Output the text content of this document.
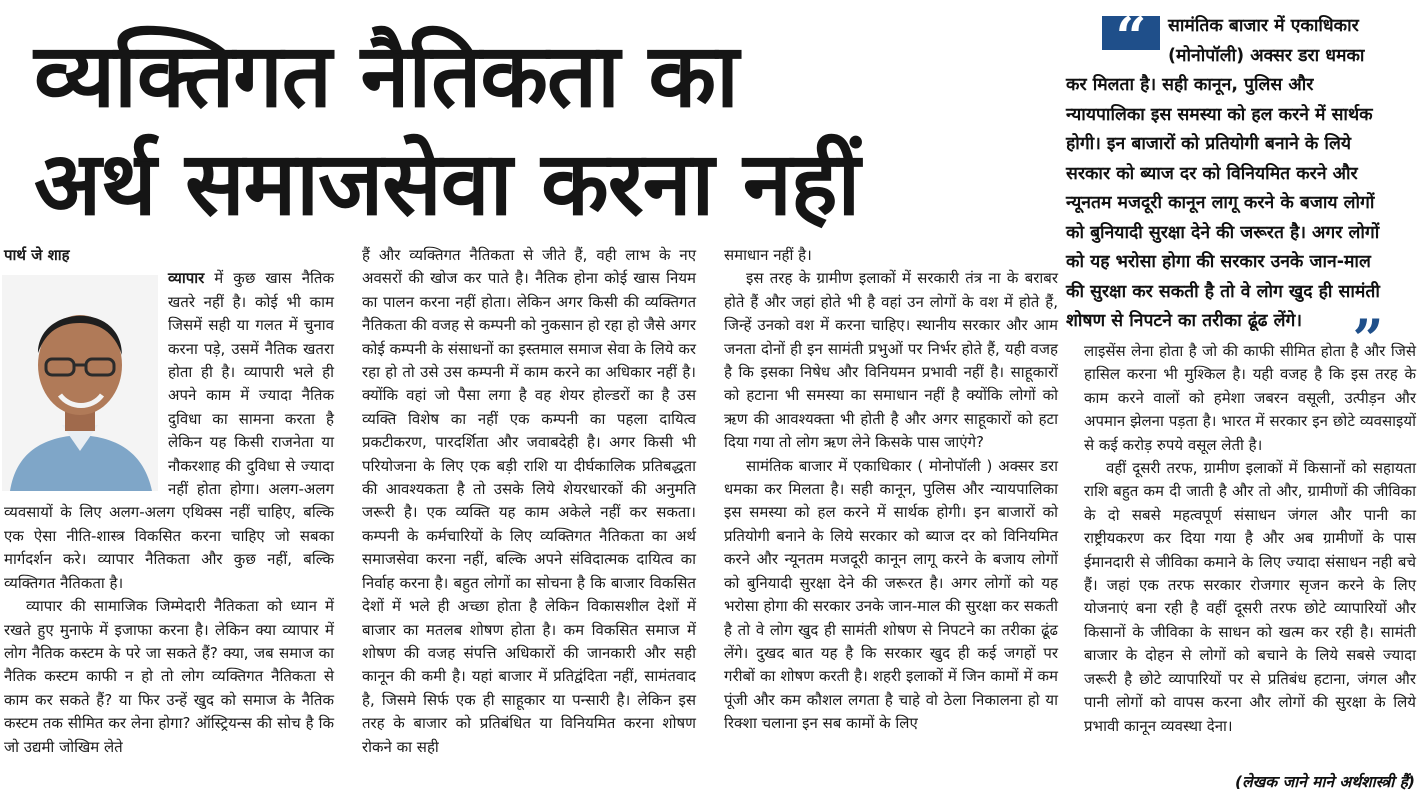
व्यक्तिगत नैतिकता का
अर्थ समाजसेवा करना नहीं

पार्थ जे शाह

व्यापार में कुछ खास नैतिक खतरे नहीं है। कोई भी काम जिसमें सही या गलत में चुनाव करना पड़े, उसमें नैतिक खतरा होता ही है। व्यापारी भले ही अपने काम में ज्यादा नैतिक दुविधा का सामना करता है लेकिन यह किसी राजनेता या नौकरशाह की दुविधा से ज्यादा नहीं होता होगा। अलग-अलग व्यवसायों के लिए अलग-अलग एथिक्स नहीं चाहिए, बल्कि एक ऐसा नीति-शास्त्र विकसित करना चाहिए जो सबका मार्गदर्शन करे। व्यापार नैतिकता और कुछ नहीं, बल्कि व्यक्तिगत नैतिकता है।

व्यापार की सामाजिक जिम्मेदारी नैतिकता को ध्यान में रखते हुए मुनाफे में इजाफा करना है। लेकिन क्या व्यापार में लोग नैतिक कस्टम के परे जा सकते हैं? क्या, जब समाज का नैतिक कस्टम काफी न हो तो लोग व्यक्तिगत नैतिकता से काम कर सकते हैं? या फिर उन्हें खुद को समाज के नैतिक कस्टम तक सीमित कर लेना होगा? ऑस्ट्रियन्स की सोच है कि जो उद्यमी जोखिम लेते

हैं और व्यक्तिगत नैतिकता से जीते हैं, वही लाभ के नए अवसरों की खोज कर पाते है। नैतिक होना कोई खास नियम का पालन करना नहीं होता। लेकिन अगर किसी की व्यक्तिगत नैतिकता की वजह से कम्पनी को नुकसान हो रहा हो जैसे अगर कोई कम्पनी के संसाधनों का इस्तमाल समाज सेवा के लिये कर रहा हो तो उसे उस कम्पनी में काम करने का अधिकार नहीं है। क्योंकि वहां जो पैसा लगा है वह शेयर होल्डरों का है उस व्यक्ति विशेष का नहीं एक कम्पनी का पहला दायित्व प्रकटीकरण, पारदर्शिता और जवाबदेही है। अगर किसी भी परियोजना के लिए एक बड़ी राशि या दीर्घकालिक प्रतिबद्धता की आवश्यकता है तो उसके लिये शेयरधारकों की अनुमति जरूरी है। एक व्यक्ति यह काम अकेले नहीं कर सकता। कम्पनी के कर्मचारियों के लिए व्यक्तिगत नैतिकता का अर्थ समाजसेवा करना नहीं, बल्कि अपने संविदात्मक दायित्व का निर्वाह करना है। बहुत लोगों का सोचना है कि बाजार विकसित देशों में भले ही अच्छा होता है लेकिन विकासशील देशों में बाजार का मतलब शोषण होता है। कम विकसित समाज में शोषण की वजह संपत्ति अधिकारों की जानकारी और सही कानून की कमी है। यहां बाजार में प्रतिद्वंदिता नहीं, सामंतवाद है, जिसमे सिर्फ एक ही साहूकार या पन्सारी है। लेकिन इस तरह के बाजार को प्रतिबंधित या विनियमित करना शोषण रोकने का सही

समाधान नहीं है।

इस तरह के ग्रामीण इलाकों में सरकारी तंत्र ना के बराबर होते हैं और जहां होते भी है वहां उन लोगों के वश में होते हैं, जिन्हें उनको वश में करना चाहिए। स्थानीय सरकार और आम जनता दोनों ही इन सामंती प्रभुओं पर निर्भर होते हैं, यही वजह है कि इसका निषेध और विनियमन प्रभावी नहीं है। साहूकारों को हटाना भी समस्या का समाधान नहीं है क्योंकि लोगों को ऋण की आवश्यक्ता भी होती है और अगर साहूकारों को हटा दिया गया तो लोग ऋण लेने किसके पास जाएंगे?

सामंतिक बाजार में एकाधिकार ( मोनोपॉली ) अक्सर डरा धमका कर मिलता है। सही कानून, पुलिस और न्यायपालिका इस समस्या को हल करने में सार्थक होगी। इन बाजारों को प्रतियोगी बनाने के लिये सरकार को ब्याज दर को विनियमित करने और न्यूनतम मजदूरी कानून लागू करने के बजाय लोगों को बुनियादी सुरक्षा देने की जरूरत है। अगर लोगों को यह भरोसा होगा की सरकार उनके जान-माल की सुरक्षा कर सकती है तो वे लोग खुद ही सामंती शोषण से निपटने का तरीका ढूंढ लेंगे। दुखद बात यह है कि सरकार खुद ही कई जगहों पर गरीबों का शोषण करती है। शहरी इलाकों में जिन कामों में कम पूंजी और कम कौशल लगता है चाहे वो ठेला निकालना हो या रिक्शा चलाना इन सब कामों के लिए

“ सामंतिक बाजार में एकाधिकार (मोनोपॉली) अक्सर डरा धमका कर मिलता है। सही कानून, पुलिस और न्यायपालिका इस समस्या को हल करने में सार्थक होगी। इन बाजारों को प्रतियोगी बनाने के लिये सरकार को ब्याज दर को विनियमित करने और न्यूनतम मजदूरी कानून लागू करने के बजाय लोगों को बुनियादी सुरक्षा देने की जरूरत है। अगर लोगों को यह भरोसा होगा की सरकार उनके जान-माल की सुरक्षा कर सकती है तो वे लोग खुद ही सामंती शोषण से निपटने का तरीका ढूंढ लेंगे। ”

लाइसेंस लेना होता है जो की काफी सीमित होता है और जिसे हासिल करना भी मुश्किल है। यही वजह है कि इस तरह के काम करने वालों को हमेशा जबरन वसूली, उत्पीड़न और अपमान झेलना पड़ता है। भारत में सरकार इन छोटे व्यवसाइयों से कई करोड़ रुपये वसूल लेती है।

वहीं दूसरी तरफ, ग्रामीण इलाकों में किसानों को सहायता राशि बहुत कम दी जाती है और तो और, ग्रामीणों की जीविका के दो सबसे महत्वपूर्ण संसाधन जंगल और पानी का राष्ट्रीयकरण कर दिया गया है और अब ग्रामीणों के पास ईमानदारी से जीविका कमाने के लिए ज्यादा संसाधन नही बचे हैं। जहां एक तरफ सरकार रोजगार सृजन करने के लिए योजनाएं बना रही है वहीं दूसरी तरफ छोटे व्यापारियों और किसानों के जीविका के साधन को खत्म कर रही है। सामंती बाजार के दोहन से लोगों को बचाने के लिये सबसे ज्यादा जरूरी है छोटे व्यापारियों पर से प्रतिबंध हटाना, जंगल और पानी लोगों को वापस करना और लोगों की सुरक्षा के लिये प्रभावी कानून व्यवस्था देना।

(लेखक जाने माने अर्थशास्त्री हैं)
